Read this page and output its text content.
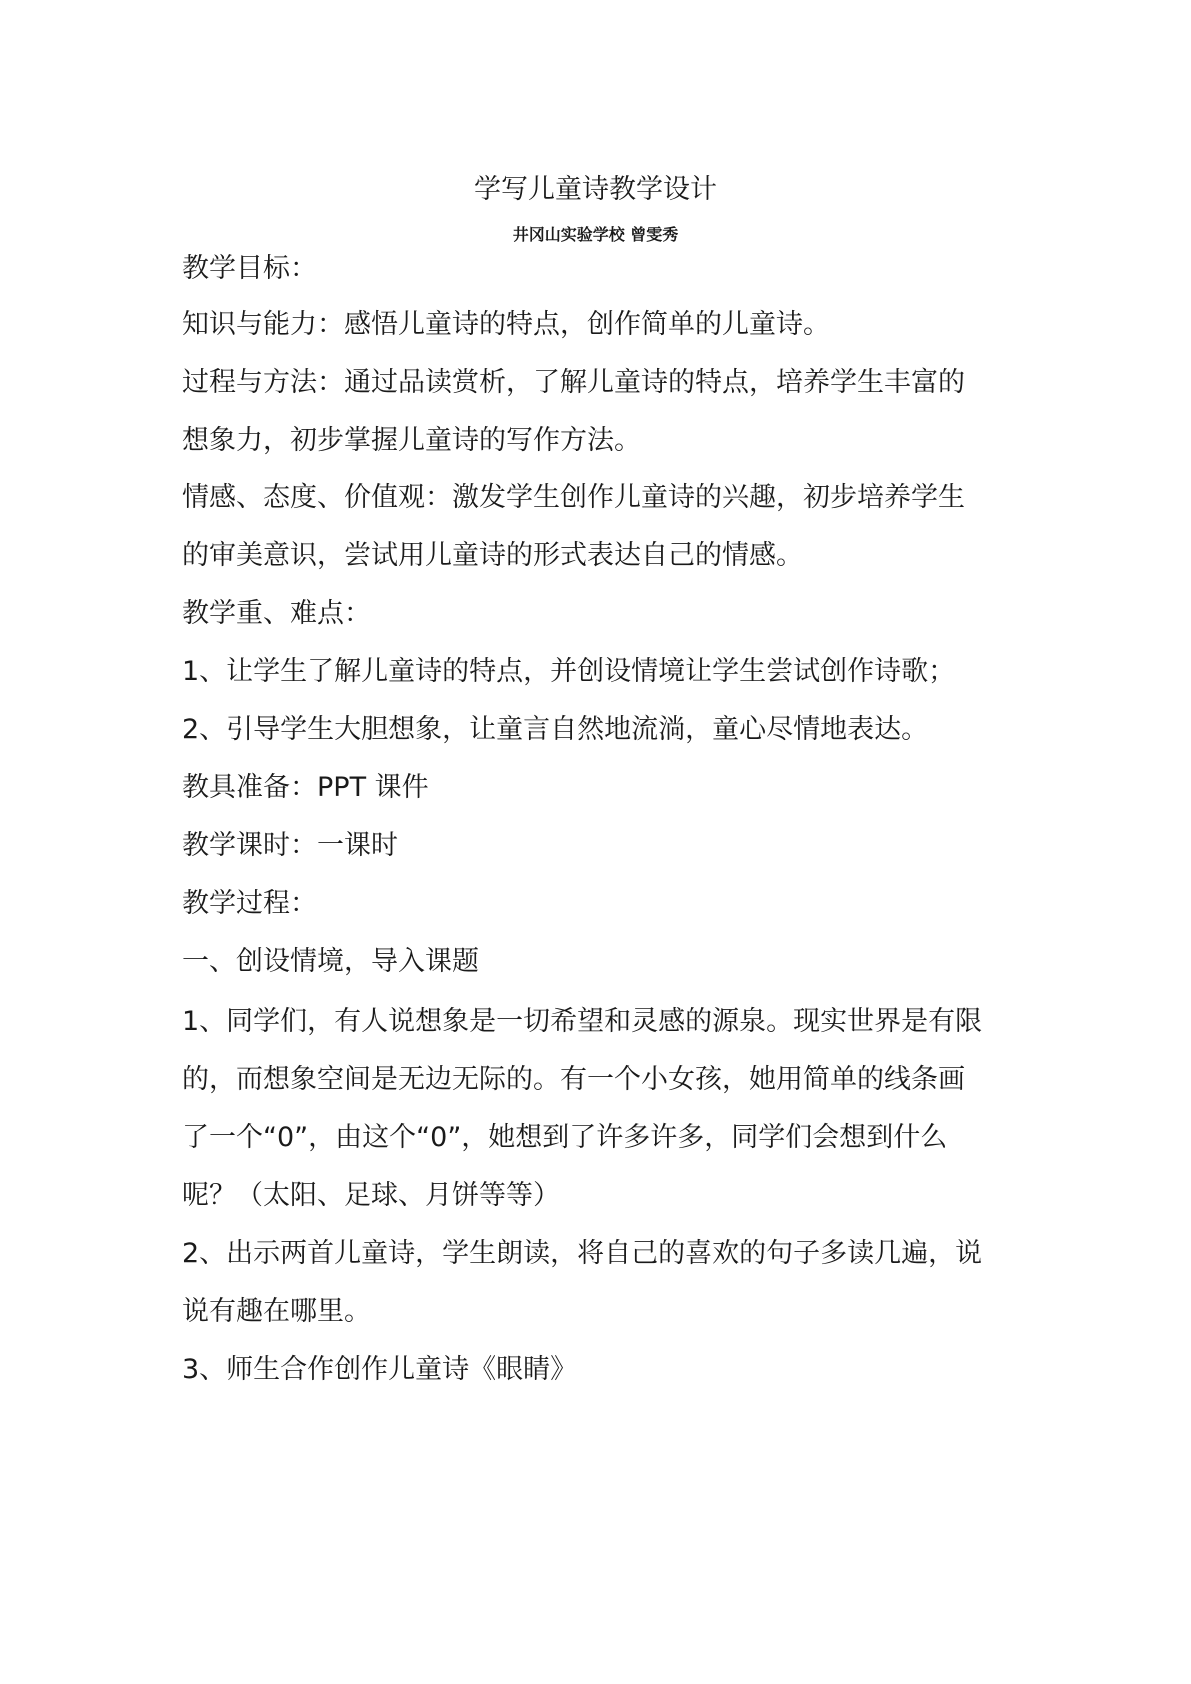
学写儿童诗教学设计
井冈山实验学校 曾雯秀
教学目标：
知识与能力：感悟儿童诗的特点，创作简单的儿童诗。
过程与方法：通过品读赏析，了解儿童诗的特点，培养学生丰富的
想象力，初步掌握儿童诗的写作方法。
情感、态度、价值观：激发学生创作儿童诗的兴趣，初步培养学生
的审美意识，尝试用儿童诗的形式表达自己的情感。
教学重、难点：
1、让学生了解儿童诗的特点，并创设情境让学生尝试创作诗歌；
2、引导学生大胆想象，让童言自然地流淌，童心尽情地表达。
教具准备：PPT 课件
教学课时：一课时
教学过程：
一、创设情境，导入课题
1、同学们，有人说想象是一切希望和灵感的源泉。现实世界是有限
的，而想象空间是无边无际的。有一个小女孩，她用简单的线条画
了一个“0”，由这个“0”，她想到了许多许多，同学们会想到什么
呢？（太阳、足球、月饼等等）
2、出示两首儿童诗，学生朗读，将自己的喜欢的句子多读几遍，说
说有趣在哪里。
3、师生合作创作儿童诗《眼睛》
